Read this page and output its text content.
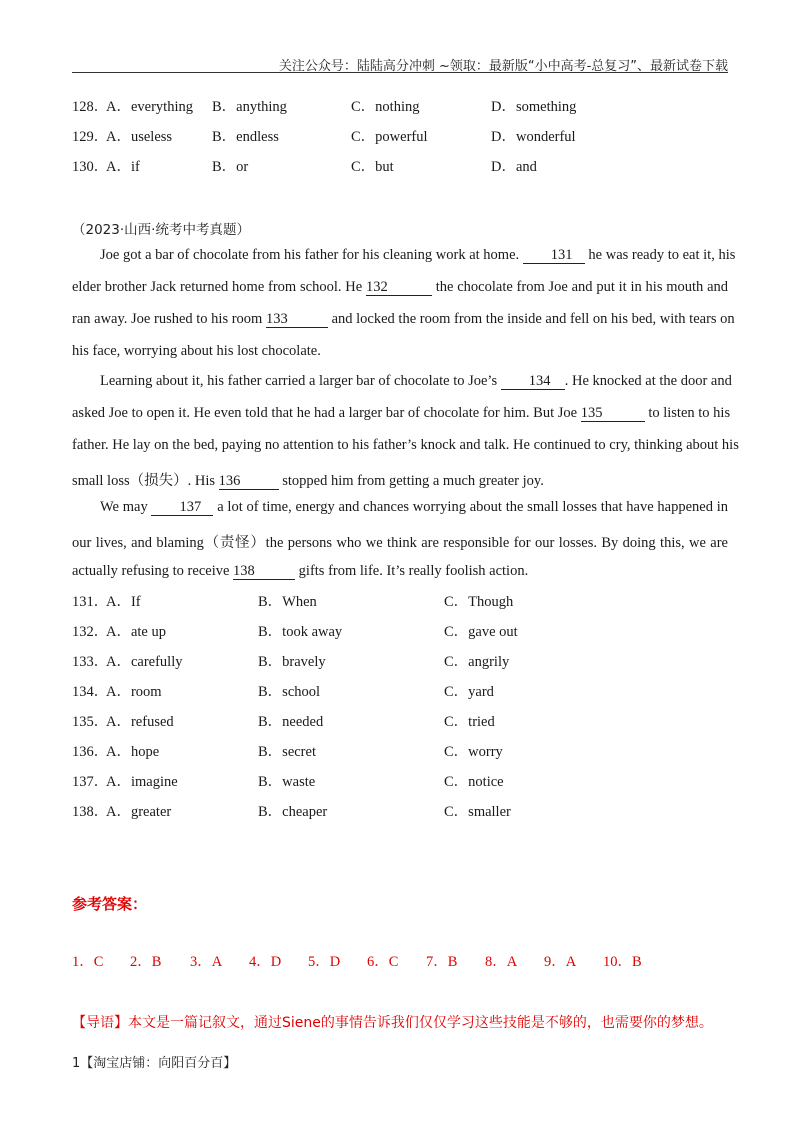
关注公众号：陆陆高分冲刺 ~领取：最新版“小中高考-总复习”、最新试卷下载
128．
A．everything B．anything	C．nothing	D．something
129．
A．useless	B．endless	C．powerful	D．wonderful
130．
A．if	B．or	C．but	D．and
（2023·山西·统考中考真题）
Joe got a bar of chocolate from his father for his cleaning work at home. 131 he was ready to eat it, his
elder brother Jack returned home from school. He 132	the chocolate from Joe and put it in his mouth and
ran away. Joe rushed to his room 133	and locked the room from the inside and fell on his bed, with tears on
his face, worrying about his lost chocolate.
Learning about it, his father carried a larger bar of chocolate to Joe’s 134 . He knocked at the door and
asked Joe to open it. He even told that he had a larger bar of chocolate for him. But Joe 135	to listen to his
father. He lay on the bed, paying no attention to his father’s knock and talk. He continued to cry, thinking about his
small loss（损失）. His 136	stopped him from getting a much greater joy.
We may 137 a lot of time, energy and chances worrying about the small losses that have happened in
our lives, and blaming（责怪）the persons who we think are responsible for our losses. By doing this, we are
actually refusing to receive 138	gifts from life. It’s really foolish action.
131．
A．If	B．When	C．Though
132．
A．ate up	B．took away	C．gave out
133．
A．carefully	B．bravely	C．angrily
134．
A．room	B．school	C．yard
135．
A．refused	B．needed	C．tried
136．
A．hope	B．secret	C．worry
137．
A．imagine	B．waste	C．notice
138．
A．greater	B．cheaper	C．smaller
参考答案：
1．C 2．B 3．A 4．D 5．D 6．C 7．B 8．A 9．A 10．B
【导语】本文是一篇记叙文，通过Siene的事情告诉我们仅仅学习这些技能是不够的，也需要你的梦想。
1【淘宝店铺：向阳百分百】
